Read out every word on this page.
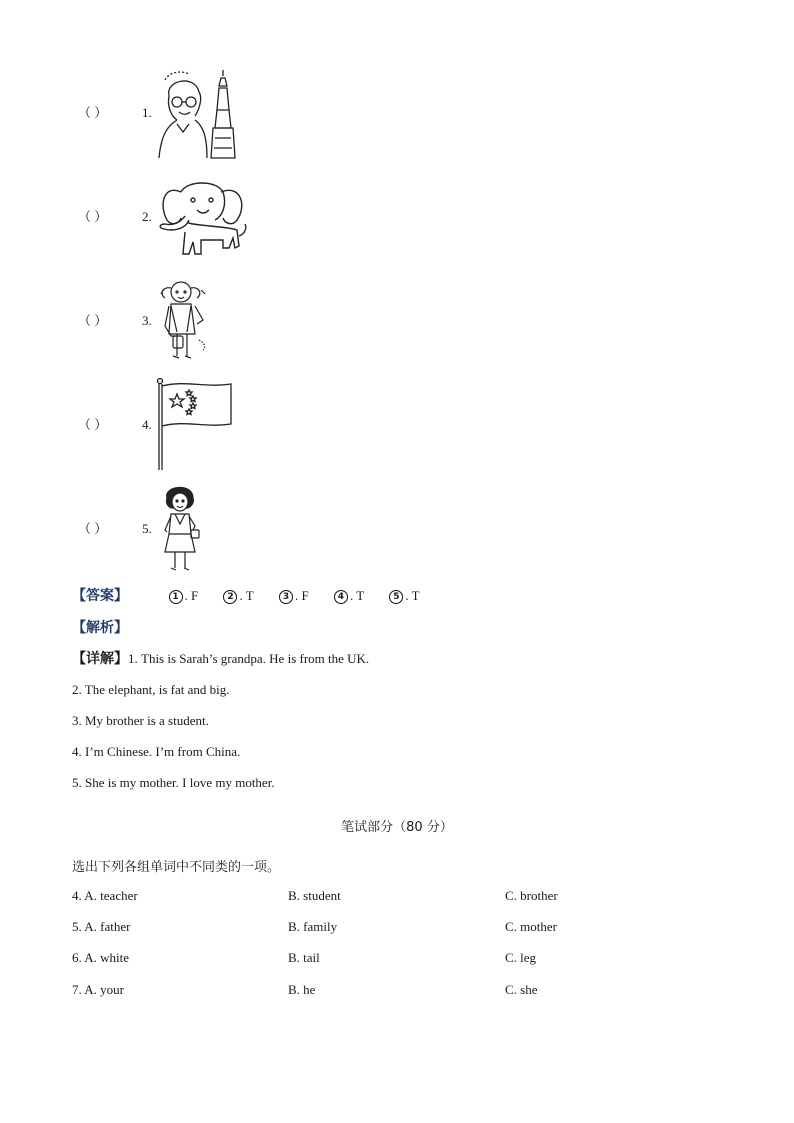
（ ）	1.
（ ）	2.
（ ）	3.
（ ）	4.
（ ）	5.
【答案】	1 . F	2 . T	3 . F	4 . T	5 . T
【解析】
【详解】1. This is Sarah’s grandpa. He is from the UK.
2. The elephant, is fat and big.
3. My brother is a student.
4. I’m Chinese. I’m from China.
5. She is my mother. I love my mother.
笔试部分（80 分）
选出下列各组单词中不同类的一项。
4. A. teacher	B. student	C. brother
5. A. father	B. family	C. mother
6. A. white	B. tail	C. leg
7. A. your	B. he	C. she
